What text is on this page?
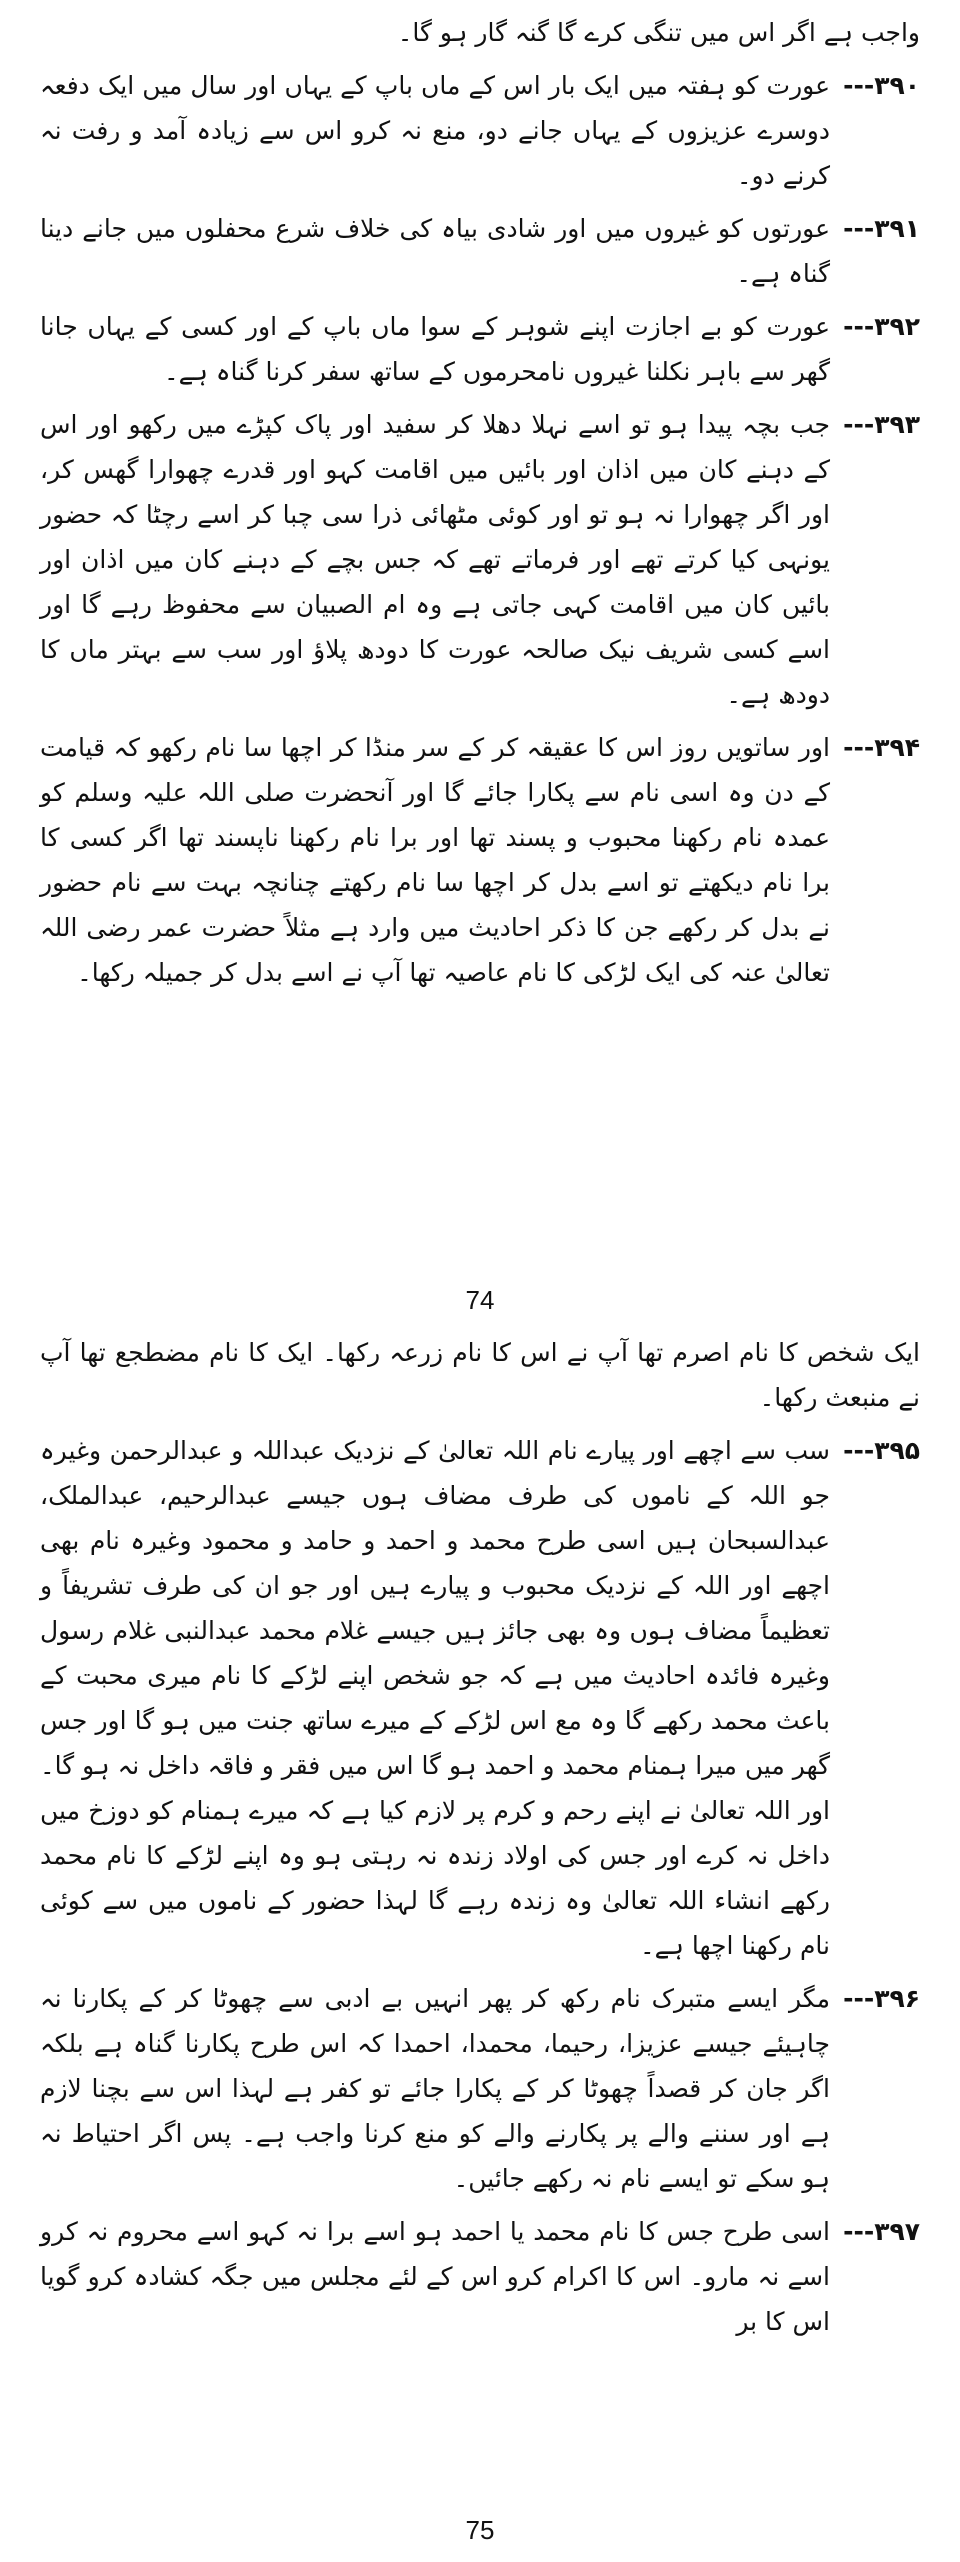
واجب ہے اگر اس میں تنگی کرے گا گنہ گار ہو گا۔
۳۹۰---
عورت کو ہفتہ میں ایک بار اس کے ماں باپ کے یہاں اور سال میں ایک دفعہ دوسرے عزیزوں کے یہاں جانے دو، منع نہ کرو اس سے زیادہ آمد و رفت نہ کرنے دو۔
۳۹۱---
عورتوں کو غیروں میں اور شادی بیاہ کی خلاف شرع محفلوں میں جانے دینا گناہ ہے۔
۳۹۲---
عورت کو بے اجازت اپنے شوہر کے سوا ماں باپ کے اور کسی کے یہاں جانا گھر سے باہر نکلنا غیروں نامحرموں کے ساتھ سفر کرنا گناہ ہے۔
۳۹۳---
جب بچہ پیدا ہو تو اسے نہلا دھلا کر سفید اور پاک کپڑے میں رکھو اور اس کے دہنے کان میں اذان اور بائیں میں اقامت کہو اور قدرے چھوارا گھس کر، اور اگر چھوارا نہ ہو تو اور کوئی مٹھائی ذرا سی چبا کر اسے رچٹا کہ حضور یونہی کیا کرتے تھے اور فرماتے تھے کہ جس بچے کے دہنے کان میں اذان اور بائیں کان میں اقامت کہی جاتی ہے وہ ام الصبیان سے محفوظ رہے گا اور اسے کسی شریف نیک صالحہ عورت کا دودھ پلاؤ اور سب سے بہتر ماں کا دودھ ہے۔
۳۹۴---
اور ساتویں روز اس کا عقیقہ کر کے سر منڈا کر اچھا سا نام رکھو کہ قیامت کے دن وہ اسی نام سے پکارا جائے گا اور آنحضرت صلی اللہ علیہ وسلم کو عمدہ نام رکھنا محبوب و پسند تھا اور برا نام رکھنا ناپسند تھا اگر کسی کا برا نام دیکھتے تو اسے بدل کر اچھا سا نام رکھتے چنانچہ بہت سے نام حضور نے بدل کر رکھے جن کا ذکر احادیث میں وارد ہے مثلاً حضرت عمر رضی اللہ تعالیٰ عنہ کی ایک لڑکی کا نام عاصیہ تھا آپ نے اسے بدل کر جمیلہ رکھا۔
74
ایک شخص کا نام اصرم تھا آپ نے اس کا نام زرعہ رکھا۔ ایک کا نام مضطجع تھا آپ نے منبعث رکھا۔
۳۹۵---
سب سے اچھے اور پیارے نام اللہ تعالیٰ کے نزدیک عبداللہ و عبدالرحمن وغیرہ جو اللہ کے ناموں کی طرف مضاف ہوں جیسے عبدالرحیم، عبدالملک، عبدالسبحان ہیں اسی طرح محمد و احمد و حامد و محمود وغیرہ نام بھی اچھے اور اللہ کے نزدیک محبوب و پیارے ہیں اور جو ان کی طرف تشریفاً و تعظیماً مضاف ہوں وہ بھی جائز ہیں جیسے غلام محمد عبدالنبی غلام رسول وغیرہ فائدہ احادیث میں ہے کہ جو شخص اپنے لڑکے کا نام میری محبت کے باعث محمد رکھے گا وہ مع اس لڑکے کے میرے ساتھ جنت میں ہو گا اور جس گھر میں میرا ہمنام محمد و احمد ہو گا اس میں فقر و فاقہ داخل نہ ہو گا۔ اور اللہ تعالیٰ نے اپنے رحم و کرم پر لازم کیا ہے کہ میرے ہمنام کو دوزخ میں داخل نہ کرے اور جس کی اولاد زندہ نہ رہتی ہو وہ اپنے لڑکے کا نام محمد رکھے انشاء اللہ تعالیٰ وہ زندہ رہے گا لہذا حضور کے ناموں میں سے کوئی نام رکھنا اچھا ہے۔
۳۹۶---
مگر ایسے متبرک نام رکھ کر پھر انہیں بے ادبی سے چھوٹا کر کے پکارنا نہ چاہیئے جیسے عزیزا، رحیما، محمدا، احمدا کہ اس طرح پکارنا گناہ ہے بلکہ اگر جان کر قصداً چھوٹا کر کے پکارا جائے تو کفر ہے لہذا اس سے بچنا لازم ہے اور سننے والے پر پکارنے والے کو منع کرنا واجب ہے۔ پس اگر احتیاط نہ ہو سکے تو ایسے نام نہ رکھے جائیں۔
۳۹۷---
اسی طرح جس کا نام محمد یا احمد ہو اسے برا نہ کہو اسے محروم نہ کرو اسے نہ مارو۔ اس کا اکرام کرو اس کے لئے مجلس میں جگہ کشادہ کرو گویا اس کا بر
75
